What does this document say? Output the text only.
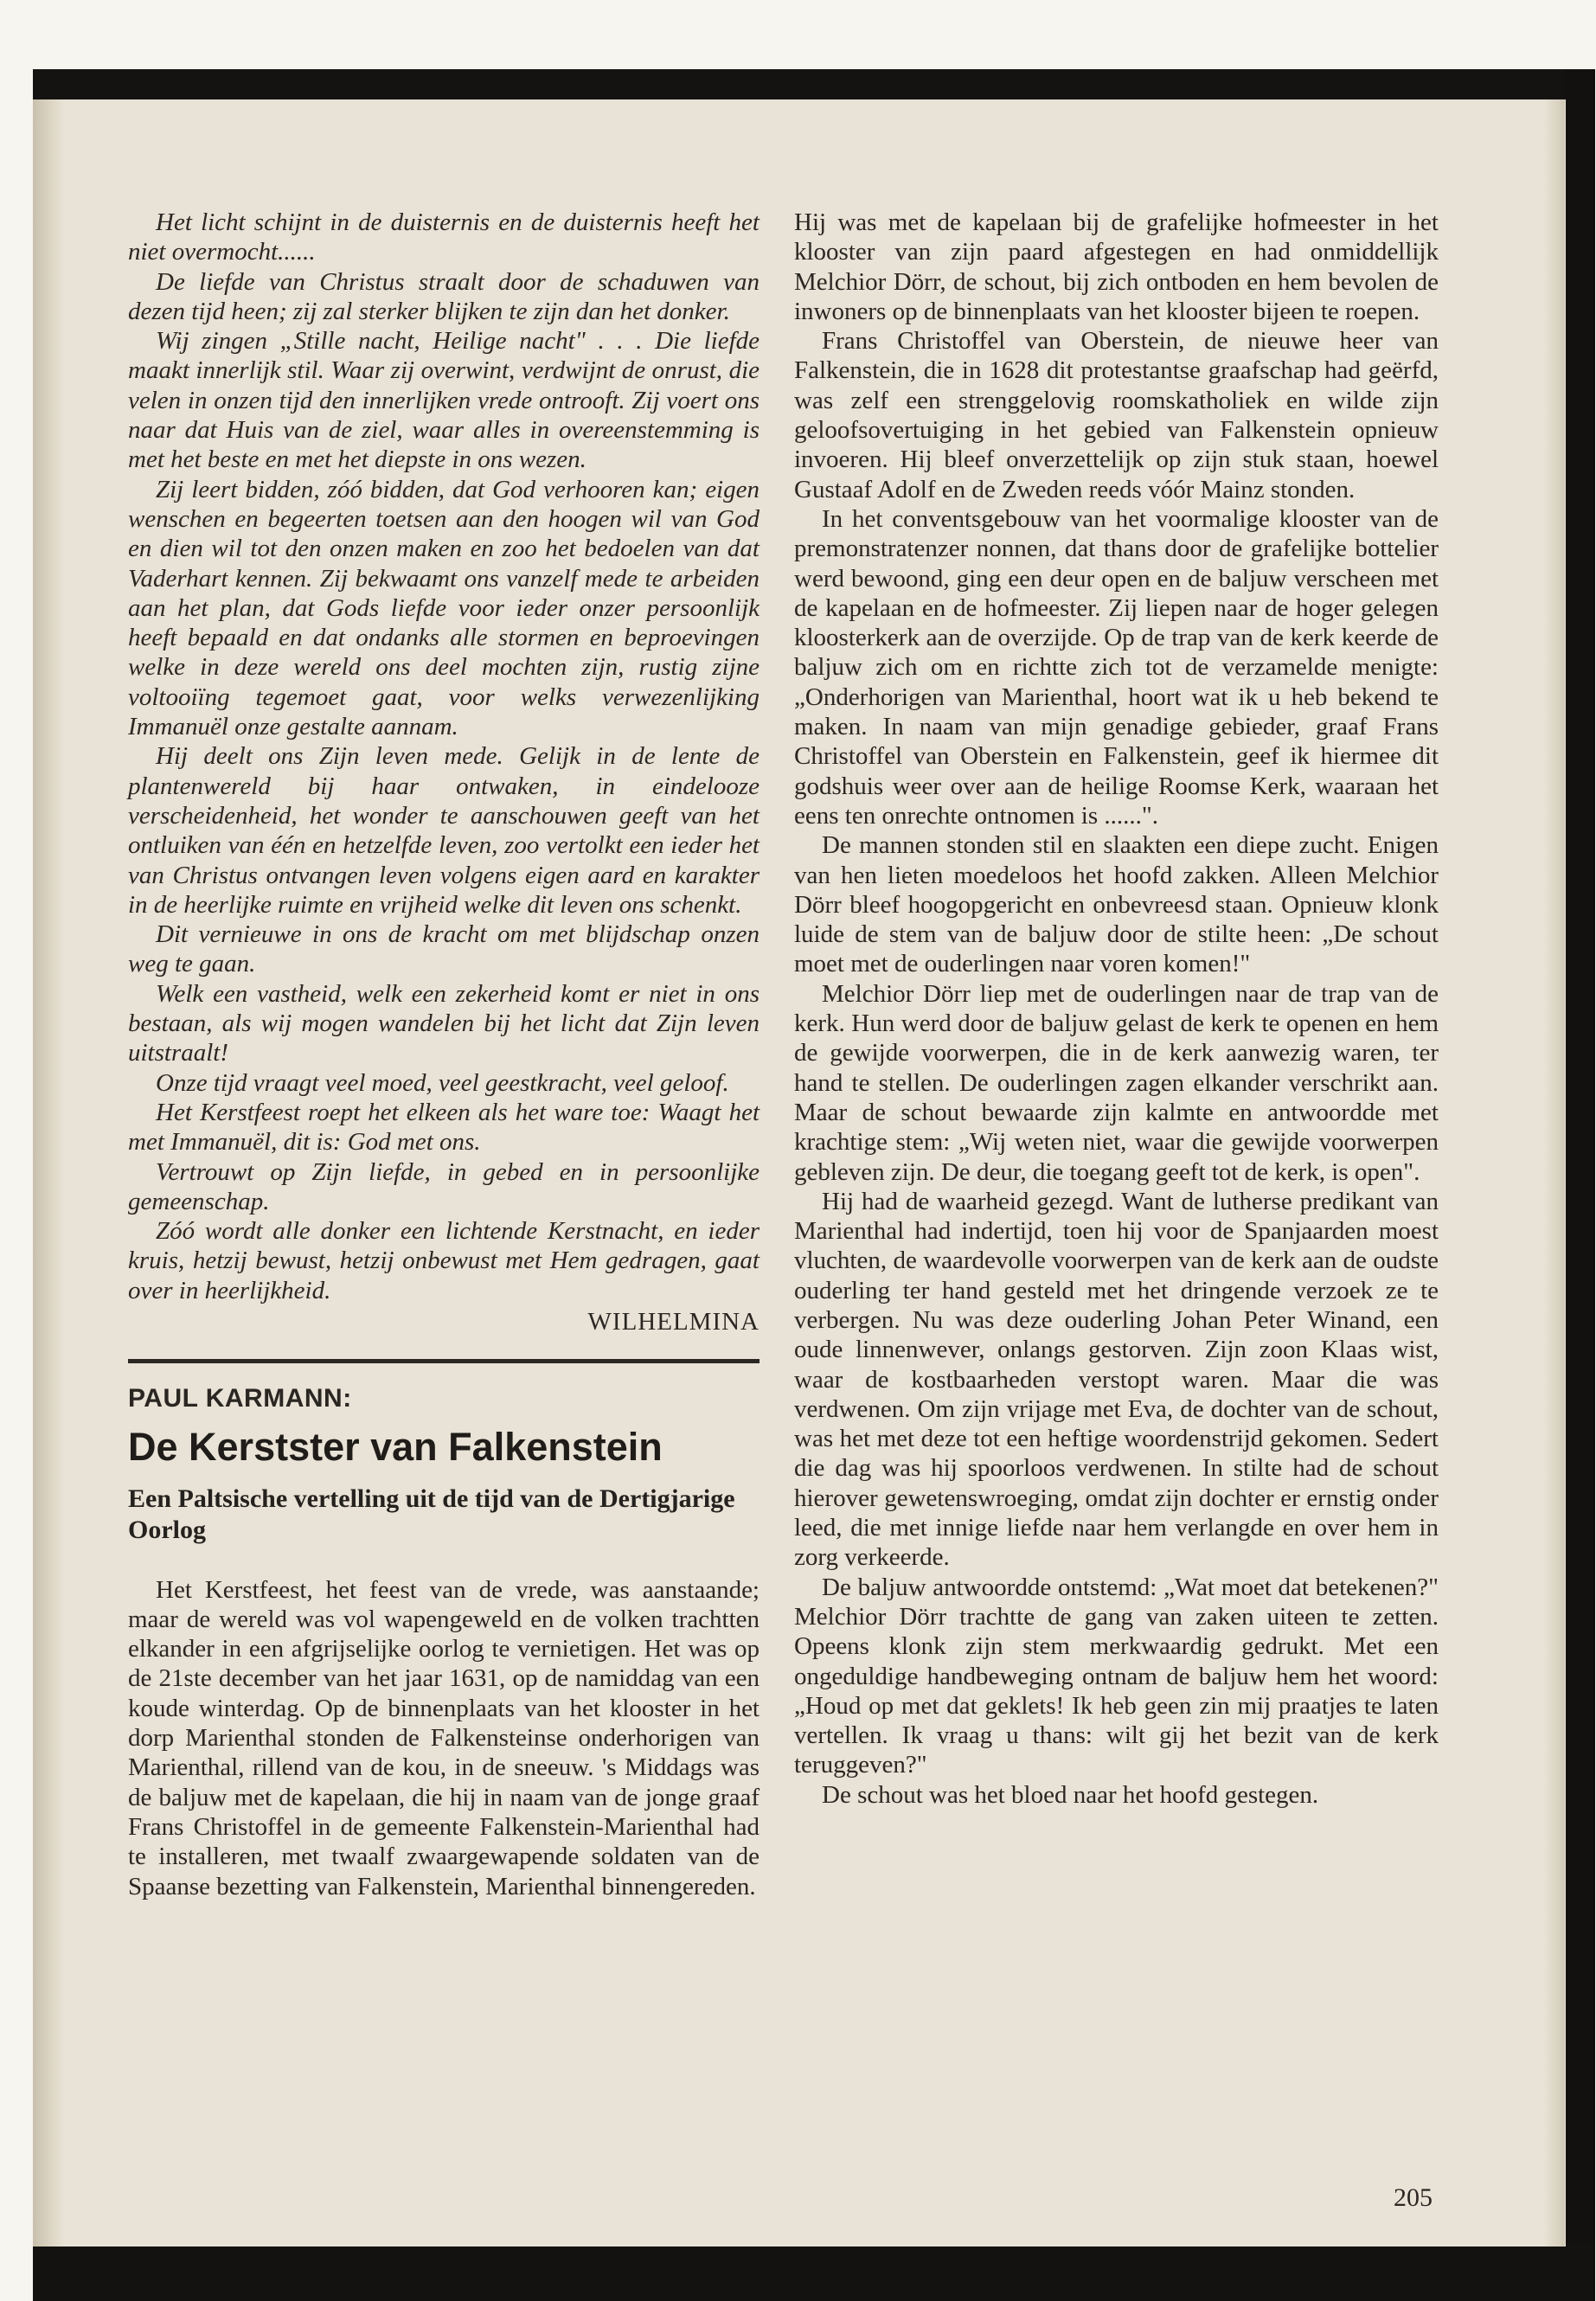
Het licht schijnt in de duisternis en de duisternis heeft het niet overmocht......

De liefde van Christus straalt door de schaduwen van dezen tijd heen; zij zal sterker blijken te zijn dan het donker.

Wij zingen „Stille nacht, Heilige nacht" . . . Die liefde maakt innerlijk stil. Waar zij overwint, verdwijnt de onrust, die velen in onzen tijd den innerlijken vrede ontrooft. Zij voert ons naar dat Huis van de ziel, waar alles in overeenstemming is met het beste en met het diepste in ons wezen.

Zij leert bidden, zóó bidden, dat God verhooren kan; eigen wenschen en begeerten toetsen aan den hoogen wil van God en dien wil tot den onzen maken en zoo het bedoelen van dat Vaderhart kennen. Zij bekwaamt ons vanzelf mede te arbeiden aan het plan, dat Gods liefde voor ieder onzer persoonlijk heeft bepaald en dat ondanks alle stormen en beproevingen welke in deze wereld ons deel mochten zijn, rustig zijne voltooiïng tegemoet gaat, voor welks verwezenlijking Immanuël onze gestalte aannam.

Hij deelt ons Zijn leven mede. Gelijk in de lente de plantenwereld bij haar ontwaken, in eindelooze verscheidenheid, het wonder te aanschouwen geeft van het ontluiken van één en hetzelfde leven, zoo vertolkt een ieder het van Christus ontvangen leven volgens eigen aard en karakter in de heerlijke ruimte en vrijheid welke dit leven ons schenkt.

Dit vernieuwe in ons de kracht om met blijdschap onzen weg te gaan.

Welk een vastheid, welk een zekerheid komt er niet in ons bestaan, als wij mogen wandelen bij het licht dat Zijn leven uitstraalt!

Onze tijd vraagt veel moed, veel geestkracht, veel geloof.

Het Kerstfeest roept het elkeen als het ware toe: Waagt het met Immanuël, dit is: God met ons.

Vertrouwt op Zijn liefde, in gebed en in persoonlijke gemeenschap.

Zóó wordt alle donker een lichtende Kerstnacht, en ieder kruis, hetzij bewust, hetzij onbewust met Hem gedragen, gaat over in heerlijkheid.

WILHELMINA

PAUL KARMANN:
De Kerstster van Falkenstein
Een Paltsische vertelling uit de tijd van de Dertigjarige Oorlog

Het Kerstfeest, het feest van de vrede, was aanstaande; maar de wereld was vol wapengeweld en de volken trachtten elkander in een afgrijselijke oorlog te vernietigen. Het was op de 21ste december van het jaar 1631, op de namiddag van een koude winterdag. Op de binnenplaats van het klooster in het dorp Marienthal stonden de Falkensteinse onderhorigen van Marienthal, rillend van de kou, in de sneeuw. 's Middags was de baljuw met de kapelaan, die hij in naam van de jonge graaf Frans Christoffel in de gemeente Falkenstein-Marienthal had te installeren, met twaalf zwaargewapende soldaten van de Spaanse bezetting van Falkenstein, Marienthal binnengereden.

Hij was met de kapelaan bij de grafelijke hofmeester in het klooster van zijn paard afgestegen en had onmiddellijk Melchior Dörr, de schout, bij zich ontboden en hem bevolen de inwoners op de binnenplaats van het klooster bijeen te roepen.

Frans Christoffel van Oberstein, de nieuwe heer van Falkenstein, die in 1628 dit protestantse graafschap had geërfd, was zelf een strenggelovig roomskatholiek en wilde zijn geloofsovertuiging in het gebied van Falkenstein opnieuw invoeren. Hij bleef onverzettelijk op zijn stuk staan, hoewel Gustaaf Adolf en de Zweden reeds vóór Mainz stonden.

In het conventsgebouw van het voormalige klooster van de premonstratenzer nonnen, dat thans door de grafelijke bottelier werd bewoond, ging een deur open en de baljuw verscheen met de kapelaan en de hofmeester. Zij liepen naar de hoger gelegen kloosterkerk aan de overzijde. Op de trap van de kerk keerde de baljuw zich om en richtte zich tot de verzamelde menigte: „Onderhorigen van Marienthal, hoort wat ik u heb bekend te maken. In naam van mijn genadige gebieder, graaf Frans Christoffel van Oberstein en Falkenstein, geef ik hiermee dit godshuis weer over aan de heilige Roomse Kerk, waaraan het eens ten onrechte ontnomen is ......".

De mannen stonden stil en slaakten een diepe zucht. Enigen van hen lieten moedeloos het hoofd zakken. Alleen Melchior Dörr bleef hoogopgericht en onbevreesd staan. Opnieuw klonk luide de stem van de baljuw door de stilte heen: „De schout moet met de ouderlingen naar voren komen!"

Melchior Dörr liep met de ouderlingen naar de trap van de kerk. Hun werd door de baljuw gelast de kerk te openen en hem de gewijde voorwerpen, die in de kerk aanwezig waren, ter hand te stellen. De ouderlingen zagen elkander verschrikt aan. Maar de schout bewaarde zijn kalmte en antwoordde met krachtige stem: „Wij weten niet, waar die gewijde voorwerpen gebleven zijn. De deur, die toegang geeft tot de kerk, is open".

Hij had de waarheid gezegd. Want de lutherse predikant van Marienthal had indertijd, toen hij voor de Spanjaarden moest vluchten, de waardevolle voorwerpen van de kerk aan de oudste ouderling ter hand gesteld met het dringende verzoek ze te verbergen. Nu was deze ouderling Johan Peter Winand, een oude linnenwever, onlangs gestorven. Zijn zoon Klaas wist, waar de kostbaarheden verstopt waren. Maar die was verdwenen. Om zijn vrijage met Eva, de dochter van de schout, was het met deze tot een heftige woordenstrijd gekomen. Sedert die dag was hij spoorloos verdwenen. In stilte had de schout hierover gewetenswroeging, omdat zijn dochter er ernstig onder leed, die met innige liefde naar hem verlangde en over hem in zorg verkeerde.

De baljuw antwoordde ontstemd: „Wat moet dat betekenen?" Melchior Dörr trachtte de gang van zaken uiteen te zetten. Opeens klonk zijn stem merkwaardig gedrukt. Met een ongeduldige handbeweging ontnam de baljuw hem het woord: „Houd op met dat geklets! Ik heb geen zin mij praatjes te laten vertellen. Ik vraag u thans: wilt gij het bezit van de kerk teruggeven?"

De schout was het bloed naar het hoofd gestegen.

205
